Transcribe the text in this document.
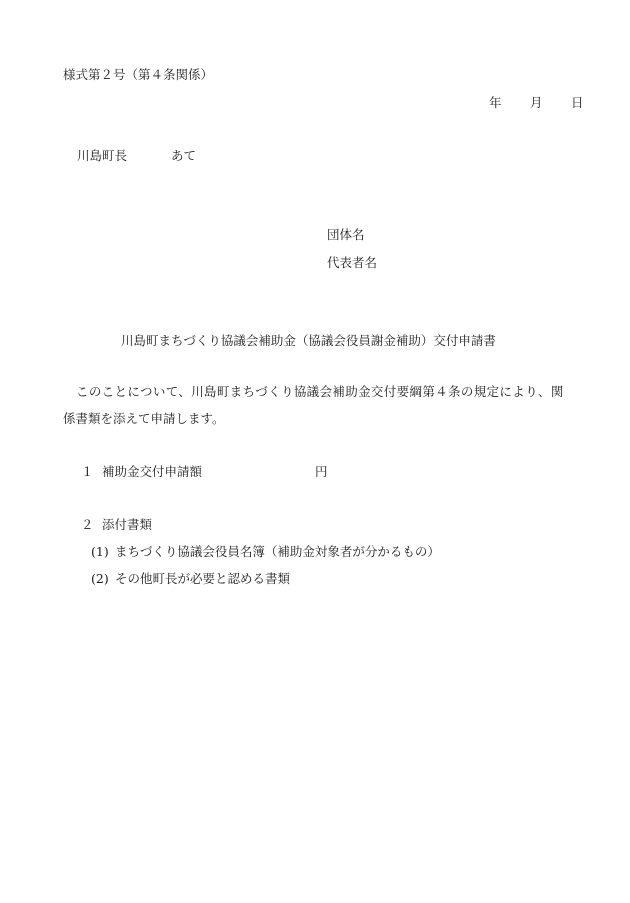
様式第２号（第４条関係）
年	月	日
川島町長	あて
団体名
代表者名
川島町まちづくり協議会補助金（協議会役員謝金補助）交付申請書
このことについて、川島町まちづくり協議会補助金交付要綱第４条の規定により、関
係書類を添えて申請します。
１ 補助金交付申請額	円
２ 添付書類
(1) まちづくり協議会役員名簿（補助金対象者が分かるもの）
(2) その他町長が必要と認める書類
